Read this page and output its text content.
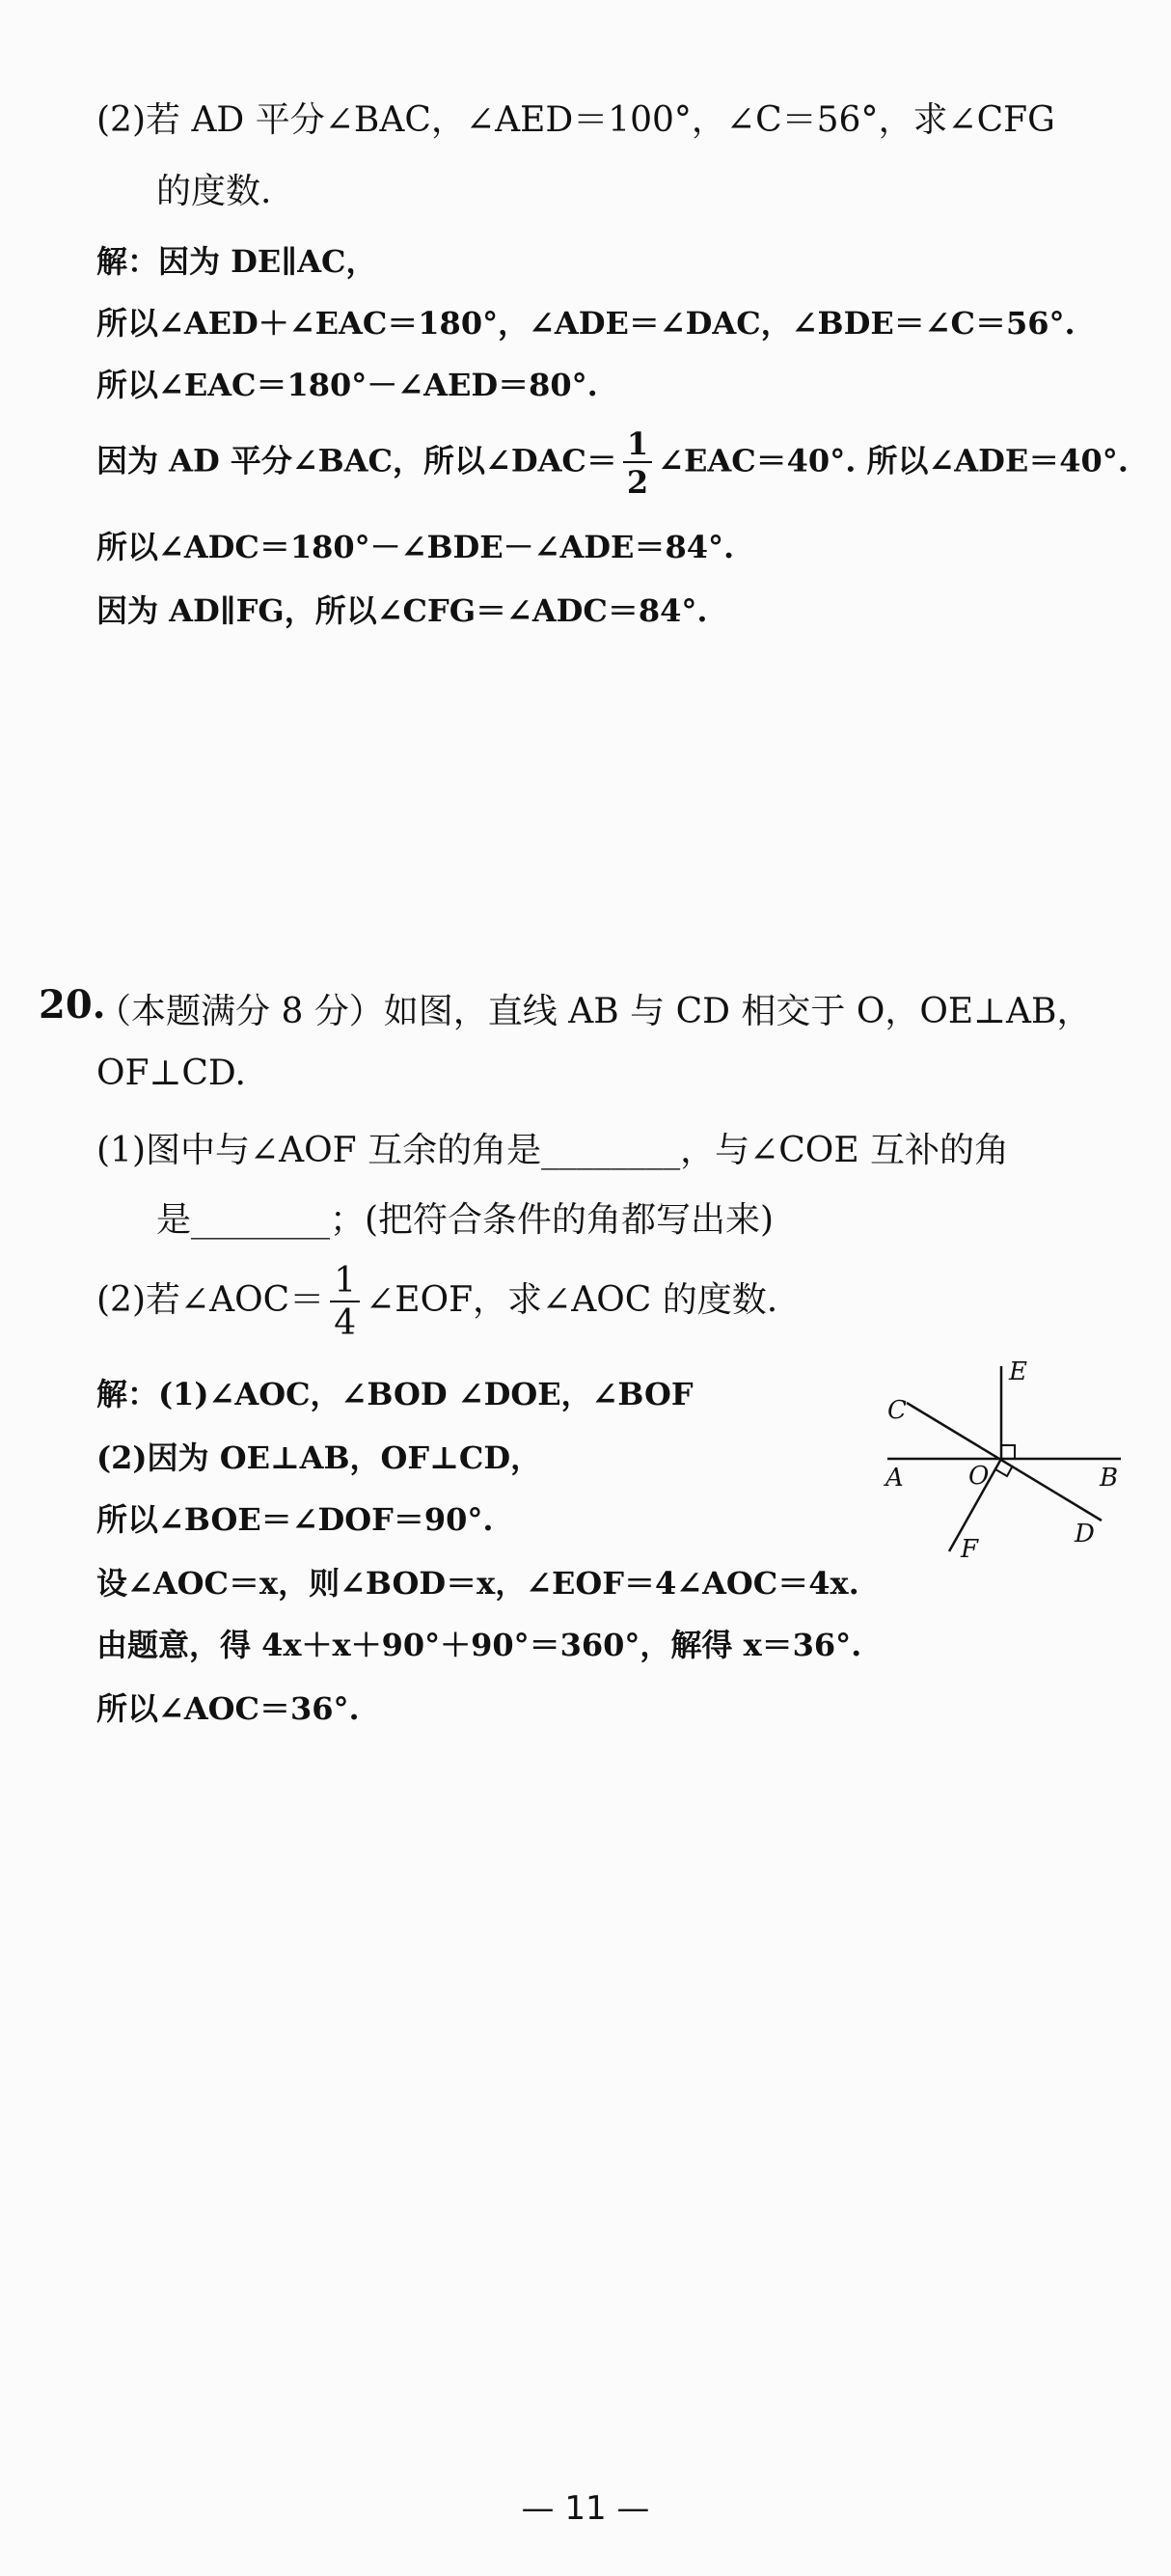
(2)若 AD 平分∠BAC，∠AED＝100°，∠C＝56°，求∠CFG
的度数.
解：因为 DE∥AC，
所以∠AED＋∠EAC＝180°，∠ADE＝∠DAC，∠BDE＝∠C＝56°.
所以∠EAC＝180°－∠AED＝80°.
因为 AD 平分∠BAC，所以∠DAC＝ $\frac{1}{2}$ ∠EAC＝40°. 所以∠ADE＝40°.
所以∠ADC＝180°－∠BDE－∠ADE＝84°.
因为 AD∥FG，所以∠CFG＝∠ADC＝84°.
20.
（本题满分 8 分）如图，直线 AB 与 CD 相交于 O，OE⊥AB，
OF⊥CD.
(1)图中与∠AOF 互余的角是________，与∠COE 互补的角
是________；(把符合条件的角都写出来)
(2)若∠AOC＝ $\frac{1}{4}$ ∠EOF，求∠AOC 的度数.
解：(1)∠AOC，∠BOD ∠DOE，∠BOF
(2)因为 OE⊥AB，OF⊥CD，
所以∠BOE＝∠DOF＝90°.
设∠AOC＝x，则∠BOD＝x，∠EOF＝4∠AOC＝4x.
由题意，得 4x＋x＋90°＋90°＝360°，解得 x＝36°.
所以∠AOC＝36°.
E
C
A	O	B
D
F
— 11 —
